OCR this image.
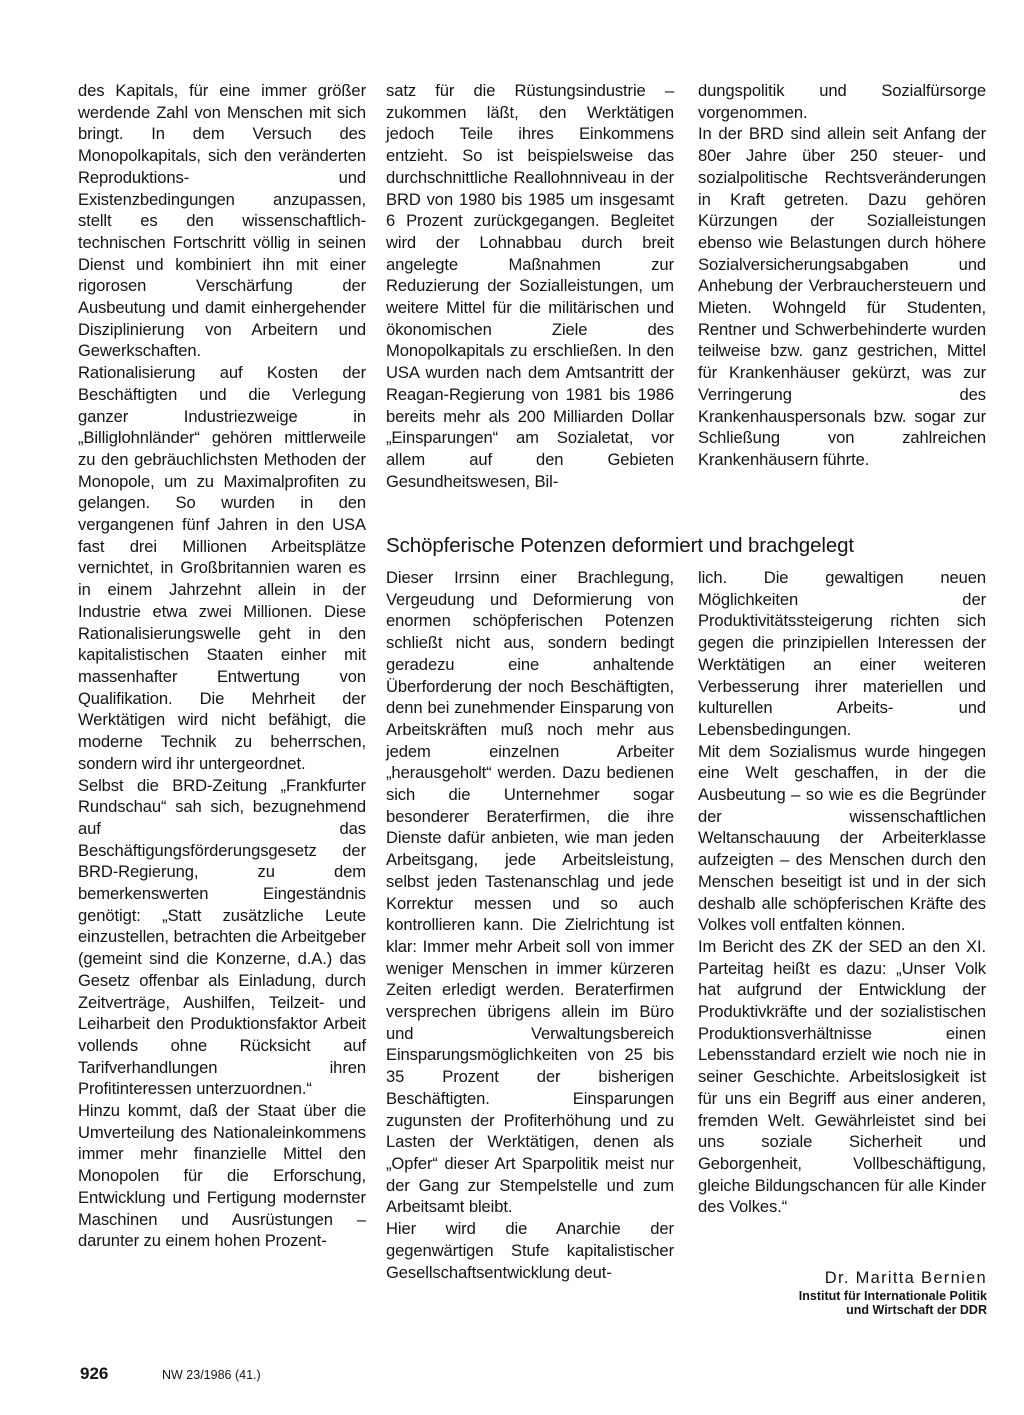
des Kapitals, für eine immer größer werdende Zahl von Menschen mit sich bringt. In dem Versuch des Monopolkapitals, sich den veränderten Reproduktions- und Existenzbedingungen anzupassen, stellt es den wissenschaftlich-technischen Fortschritt völlig in seinen Dienst und kombiniert ihn mit einer rigorosen Verschärfung der Ausbeutung und damit einhergehender Disziplinierung von Arbeitern und Gewerkschaften.

Rationalisierung auf Kosten der Beschäftigten und die Verlegung ganzer Industriezweige in „Billiglohnländer“ gehören mittlerweile zu den gebräuchlichsten Methoden der Monopole, um zu Maximalprofiten zu gelangen. So wurden in den vergangenen fünf Jahren in den USA fast drei Millionen Arbeitsplätze vernichtet, in Großbritannien waren es in einem Jahrzehnt allein in der Industrie etwa zwei Millionen. Diese Rationalisierungswelle geht in den kapitalistischen Staaten einher mit massenhafter Entwertung von Qualifikation. Die Mehrheit der Werktätigen wird nicht befähigt, die moderne Technik zu beherrschen, sondern wird ihr untergeordnet.

Selbst die BRD-Zeitung „Frankfurter Rundschau“ sah sich, bezugnehmend auf das Beschäftigungsförderungsgesetz der BRD-Regierung, zu dem bemerkenswerten Eingeständnis genötigt: „Statt zusätzliche Leute einzustellen, betrachten die Arbeitgeber (gemeint sind die Konzerne, d.A.) das Gesetz offenbar als Einladung, durch Zeitverträge, Aushilfen, Teilzeit- und Leiharbeit den Produktionsfaktor Arbeit vollends ohne Rücksicht auf Tarifverhandlungen ihren Profitinteressen unterzuordnen.“

Hinzu kommt, daß der Staat über die Umverteilung des Nationaleinkommens immer mehr finanzielle Mittel den Monopolen für die Erforschung, Entwicklung und Fertigung modernster Maschinen und Ausrüstungen – darunter zu einem hohen Prozent-

satz für die Rüstungsindustrie – zukommen läßt, den Werktätigen jedoch Teile ihres Einkommens entzieht. So ist beispielsweise das durchschnittliche Reallohnniveau in der BRD von 1980 bis 1985 um insgesamt 6 Prozent zurückgegangen. Begleitet wird der Lohnabbau durch breit angelegte Maßnahmen zur Reduzierung der Sozialleistungen, um weitere Mittel für die militärischen und ökonomischen Ziele des Monopolkapitals zu erschließen. In den USA wurden nach dem Amtsantritt der Reagan-Regierung von 1981 bis 1986 bereits mehr als 200 Milliarden Dollar „Einsparungen“ am Sozialetat, vor allem auf den Gebieten Gesundheitswesen, Bil-

dungspolitik und Sozialfürsorge vorgenommen.

In der BRD sind allein seit Anfang der 80er Jahre über 250 steuer- und sozialpolitische Rechtsveränderungen in Kraft getreten. Dazu gehören Kürzungen der Sozialleistungen ebenso wie Belastungen durch höhere Sozialversicherungsabgaben und Anhebung der Verbrauchersteuern und Mieten. Wohngeld für Studenten, Rentner und Schwerbehinderte wurden teilweise bzw. ganz gestrichen, Mittel für Krankenhäuser gekürzt, was zur Verringerung des Krankenhauspersonals bzw. sogar zur Schließung von zahlreichen Krankenhäusern führte.

Schöpferische Potenzen deformiert und brachgelegt

Dieser Irrsinn einer Brachlegung, Vergeudung und Deformierung von enormen schöpferischen Potenzen schließt nicht aus, sondern bedingt geradezu eine anhaltende Überforderung der noch Beschäftigten, denn bei zunehmender Einsparung von Arbeitskräften muß noch mehr aus jedem einzelnen Arbeiter „herausgeholt“ werden. Dazu bedienen sich die Unternehmer sogar besonderer Beraterfirmen, die ihre Dienste dafür anbieten, wie man jeden Arbeitsgang, jede Arbeitsleistung, selbst jeden Tastenanschlag und jede Korrektur messen und so auch kontrollieren kann. Die Zielrichtung ist klar: Immer mehr Arbeit soll von immer weniger Menschen in immer kürzeren Zeiten erledigt werden. Beraterfirmen versprechen übrigens allein im Büro und Verwaltungsbereich Einsparungsmöglichkeiten von 25 bis 35 Prozent der bisherigen Beschäftigten. Einsparungen zugunsten der Profiterhöhung und zu Lasten der Werktätigen, denen als „Opfer“ dieser Art Sparpolitik meist nur der Gang zur Stempelstelle und zum Arbeitsamt bleibt.

Hier wird die Anarchie der gegenwärtigen Stufe kapitalistischer Gesellschaftsentwicklung deut-

lich. Die gewaltigen neuen Möglichkeiten der Produktivitätssteigerung richten sich gegen die prinzipiellen Interessen der Werktätigen an einer weiteren Verbesserung ihrer materiellen und kulturellen Arbeits- und Lebensbedingungen.

Mit dem Sozialismus wurde hingegen eine Welt geschaffen, in der die Ausbeutung – so wie es die Begründer der wissenschaftlichen Weltanschauung der Arbeiterklasse aufzeigten – des Menschen durch den Menschen beseitigt ist und in der sich deshalb alle schöpferischen Kräfte des Volkes voll entfalten können.

Im Bericht des ZK der SED an den XI. Parteitag heißt es dazu: „Unser Volk hat aufgrund der Entwicklung der Produktivkräfte und der sozialistischen Produktionsverhältnisse einen Lebensstandard erzielt wie noch nie in seiner Geschichte. Arbeitslosigkeit ist für uns ein Begriff aus einer anderen, fremden Welt. Gewährleistet sind bei uns soziale Sicherheit und Geborgenheit, Vollbeschäftigung, gleiche Bildungschancen für alle Kinder des Volkes.“

Dr. Maritta Bernien
Institut für Internationale Politik
und Wirtschaft der DDR
926	NW 23/1986 (41.)
